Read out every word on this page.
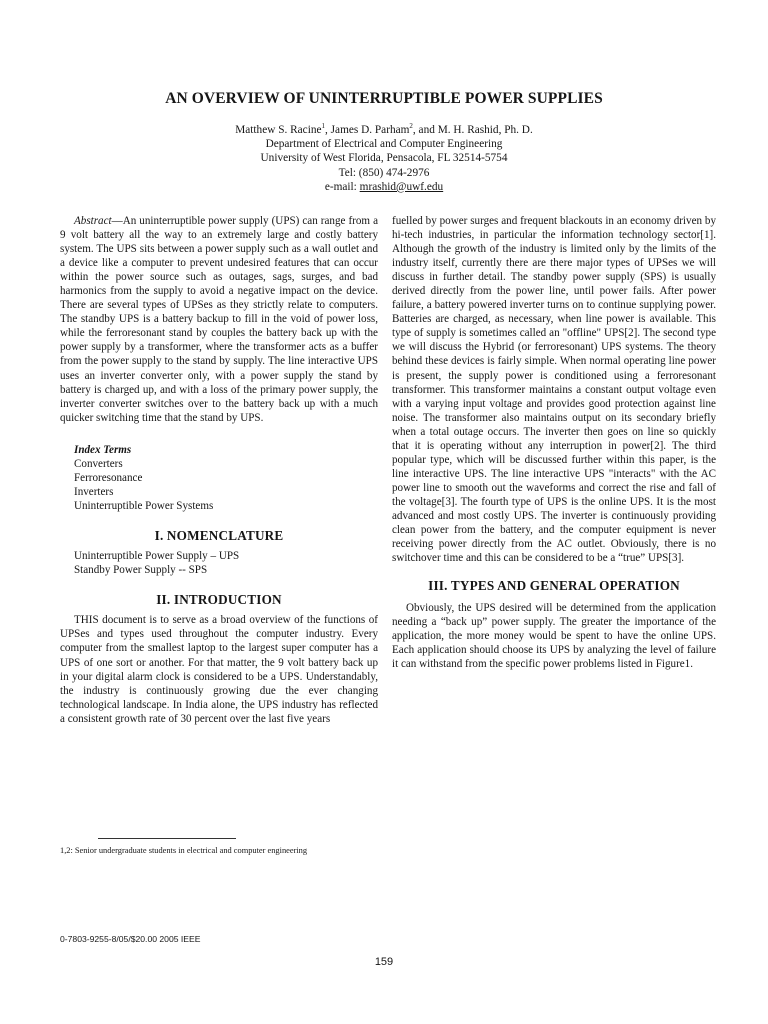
AN OVERVIEW OF UNINTERRUPTIBLE POWER SUPPLIES
Matthew S. Racine$^1$, James D. Parham$^2$, and M. H. Rashid, Ph. D.
Department of Electrical and Computer Engineering
University of West Florida, Pensacola, FL 32514-5754
Tel: (850) 474-2976
e-mail: mrashid@uwf.edu

Abstract—An uninterruptible power supply (UPS) can range from a 9 volt battery all the way to an extremely large and costly battery system. The UPS sits between a power supply such as a wall outlet and a device like a computer to prevent undesired features that can occur within the power source such as outages, sags, surges, and bad harmonics from the supply to avoid a negative impact on the device. There are several types of UPSes as they strictly relate to computers. The standby UPS is a battery backup to fill in the void of power loss, while the ferroresonant stand by couples the battery back up with the power supply by a transformer, where the transformer acts as a buffer from the power supply to the stand by supply. The line interactive UPS uses an inverter converter only, with a power supply the stand by battery is charged up, and with a loss of the primary power supply, the inverter converter switches over to the battery back up with a much quicker switching time that the stand by UPS.

Index Terms
Converters
Ferroresonance
Inverters
Uninterruptible Power Systems
I. NOMENCLATURE
Uninterruptible Power Supply – UPS
Standby Power Supply -- SPS
II. INTRODUCTION

THIS document is to serve as a broad overview of the functions of UPSes and types used throughout the computer industry. Every computer from the smallest laptop to the largest super computer has a UPS of one sort or another. For that matter, the 9 volt battery back up in your digital alarm clock is considered to be a UPS. Understandably, the industry is continuously growing due the ever changing technological landscape. In India alone, the UPS industry has reflected a consistent growth rate of 30 percent over the last five years

fuelled by power surges and frequent blackouts in an economy driven by hi-tech industries, in particular the information technology sector[1]. Although the growth of the industry is limited only by the limits of the industry itself, currently there are there major types of UPSes we will discuss in further detail. The standby power supply (SPS) is usually derived directly from the power line, until power fails. After power failure, a battery powered inverter turns on to continue supplying power. Batteries are charged, as necessary, when line power is available. This type of supply is sometimes called an "offline" UPS[2]. The second type we will discuss the Hybrid (or ferroresonant) UPS systems. The theory behind these devices is fairly simple. When normal operating line power is present, the supply power is conditioned using a ferroresonant transformer. This transformer maintains a constant output voltage even with a varying input voltage and provides good protection against line noise. The transformer also maintains output on its secondary briefly when a total outage occurs. The inverter then goes on line so quickly that it is operating without any interruption in power[2]. The third popular type, which will be discussed further within this paper, is the line interactive UPS. The line interactive UPS "interacts" with the AC power line to smooth out the waveforms and correct the rise and fall of the voltage[3]. The fourth type of UPS is the online UPS. It is the most advanced and most costly UPS. The inverter is continuously providing clean power from the battery, and the computer equipment is never receiving power directly from the AC outlet. Obviously, there is no switchover time and this can be considered to be a “true” UPS[3].

III. TYPES AND GENERAL OPERATION

Obviously, the UPS desired will be determined from the application needing a “back up” power supply. The greater the importance of the application, the more money would be spent to have the online UPS. Each application should choose its UPS by analyzing the level of failure it can withstand from the specific power problems listed in Figure1.

1,2: Senior undergraduate students in electrical and computer engineering
0-7803-9255-8/05/$20.00 2005 IEEE
159
